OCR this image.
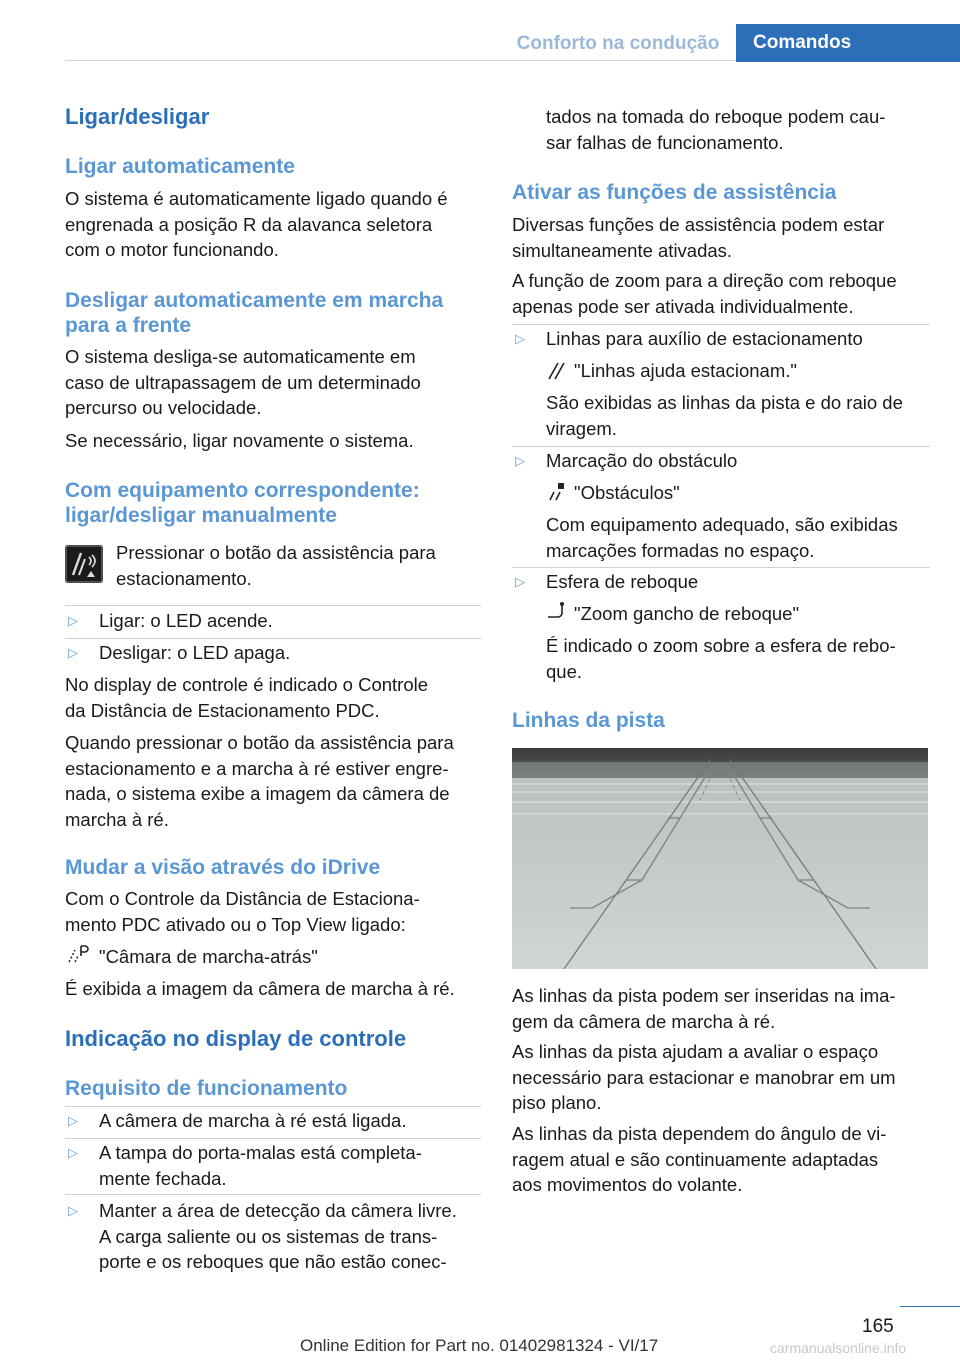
Conforto na condução	Comandos
Ligar/desligar
Ligar automaticamente
O sistema é automaticamente ligado quando é
engrenada a posição R da alavanca seletora
com o motor funcionando.
Desligar automaticamente em marcha
para a frente
O sistema desliga-se automaticamente em
caso de ultrapassagem de um determinado
percurso ou velocidade.
Se necessário, ligar novamente o sistema.
Com equipamento correspondente:
ligar/desligar manualmente
Pressionar o botão da assistência para
estacionamento.
▷ Ligar: o LED acende.
▷ Desligar: o LED apaga.
No display de controle é indicado o Controle
da Distância de Estacionamento PDC.
Quando pressionar o botão da assistência para
estacionamento e a marcha à ré estiver engre-
nada, o sistema exibe a imagem da câmera de
marcha à ré.
Mudar a visão através do iDrive
Com o Controle da Distância de Estaciona-
mento PDC ativado ou o Top View ligado:
"Câmara de marcha-atrás"
É exibida a imagem da câmera de marcha à ré.
Indicação no display de controle
Requisito de funcionamento
▷ A câmera de marcha à ré está ligada.
▷ A tampa do porta-malas está completa-
mente fechada.
▷ Manter a área de detecção da câmera livre.
A carga saliente ou os sistemas de trans-
porte e os reboques que não estão conec-
tados na tomada do reboque podem cau-
sar falhas de funcionamento.
Ativar as funções de assistência
Diversas funções de assistência podem estar
simultaneamente ativadas.
A função de zoom para a direção com reboque
apenas pode ser ativada individualmente.
▷ Linhas para auxílio de estacionamento
"Linhas ajuda estacionam."
São exibidas as linhas da pista e do raio de
viragem.
▷ Marcação do obstáculo
"Obstáculos"
Com equipamento adequado, são exibidas
marcações formadas no espaço.
▷ Esfera de reboque
"Zoom gancho de reboque"
É indicado o zoom sobre a esfera de rebo-
que.
Linhas da pista
As linhas da pista podem ser inseridas na ima-
gem da câmera de marcha à ré.
As linhas da pista ajudam a avaliar o espaço
necessário para estacionar e manobrar em um
piso plano.
As linhas da pista dependem do ângulo de vi-
ragem atual e são continuamente adaptadas
aos movimentos do volante.
165
Online Edition for Part no. 01402981324 - VI/17	carmanualsonline.info
